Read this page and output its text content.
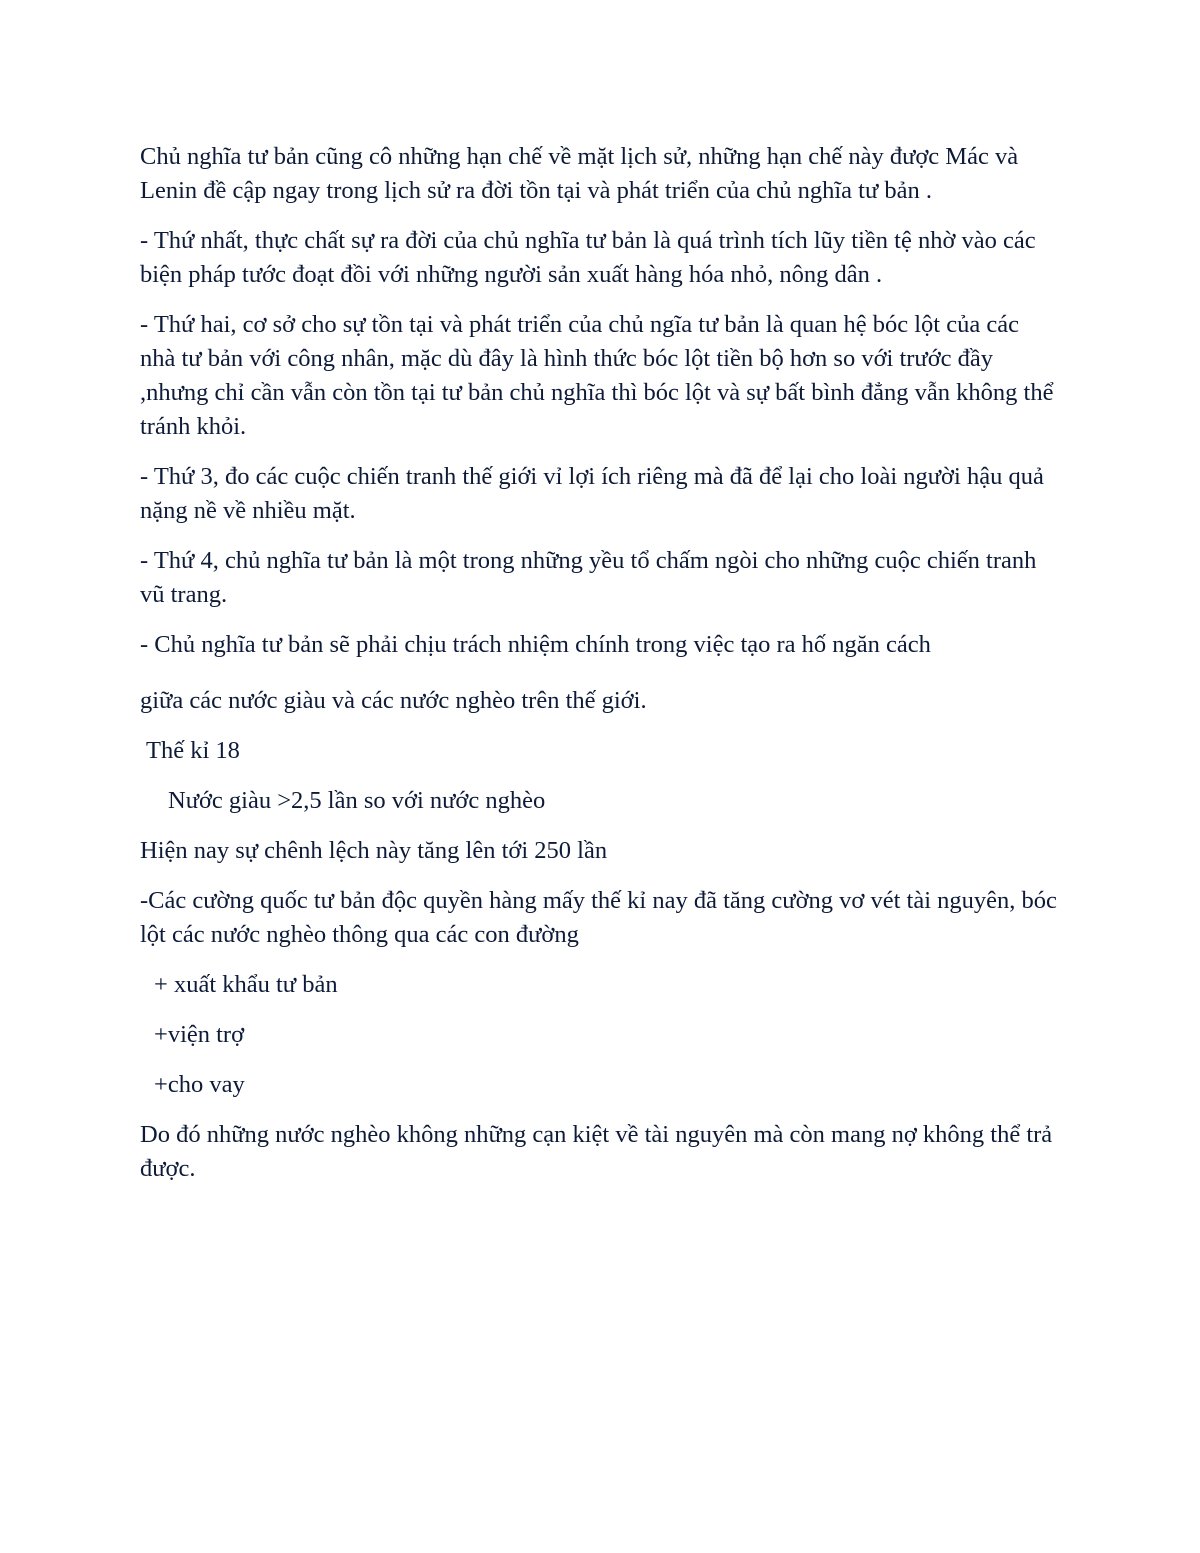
Chủ nghĩa tư bản cũng cô những hạn chế về mặt lịch sử, những hạn chế này được Mác và Lenin đề cập ngay trong lịch sử ra đời tồn tại và phát triển của chủ nghĩa tư bản .

- Thứ nhất, thực chất sự ra đời của chủ nghĩa tư bản là quá trình tích lũy tiền tệ nhờ vào các biện pháp tước đoạt đồi với những người sản xuất hàng hóa nhỏ, nông dân .

- Thứ hai, cơ sở cho sự tồn tại và phát triển của chủ ngĩa tư bản là quan hệ bóc lột của các nhà tư bản với công nhân, mặc dù đây là hình thức bóc lột tiền bộ hơn so với trước đầy ,nhưng chỉ cần vẫn còn tồn tại tư bản chủ nghĩa thì bóc lột và sự bất bình đẳng vẫn không thể tránh khỏi.

- Thứ 3, đo các cuộc chiến tranh thế giới vỉ lợi ích riêng mà đã để lại cho loài người hậu quả nặng nề về nhiều mặt.

- Thứ 4, chủ nghĩa tư bản là một trong những yều tổ chấm ngòi cho những cuộc chiến tranh vũ trang.

- Chủ nghĩa tư bản sẽ phải chịu trách nhiệm chính trong việc tạo ra hố ngăn cách

giữa các nước giàu và các nước nghèo trên thế giới.

Thế kỉ 18

Nước giàu >2,5 lần so với nước nghèo

Hiện nay sự chênh lệch này tăng lên tới 250 lần

-Các cường quốc tư bản độc quyền hàng mấy thế kỉ nay đã tăng cường vơ vét tài nguyên, bóc lột các nước nghèo thông qua các con đường

+ xuất khẩu tư bản

+viện trợ

+cho vay

Do đó những nước nghèo không những cạn kiệt về tài nguyên mà còn mang nợ không thể trả được.
